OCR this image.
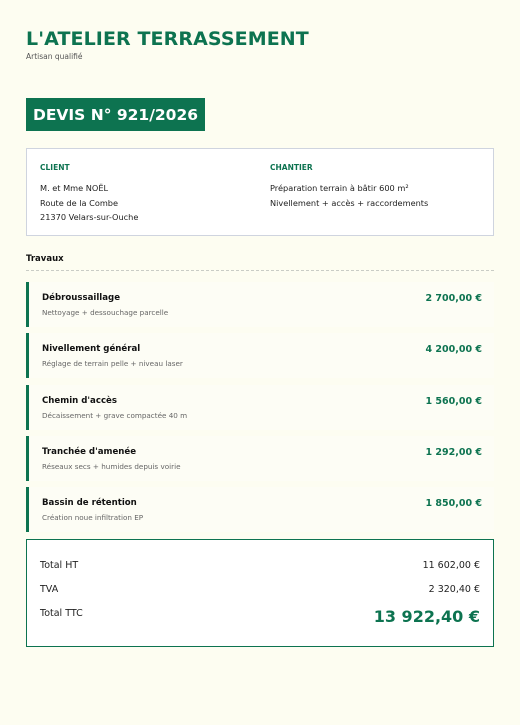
L'ATELIER TERRASSEMENT
Artisan qualifié
DEVIS N° 921/2026
CLIENT
M. et Mme NOËL
Route de la Combe
21370 Velars-sur-Ouche
CHANTIER
Préparation terrain à bâtir 600 m²
Nivellement + accès + raccordements
Travaux
Débroussaillage
Nettoyage + dessouchage parcelle
2 700,00 €
Nivellement général
Réglage de terrain pelle + niveau laser
4 200,00 €
Chemin d'accès
Décaissement + grave compactée 40 m
1 560,00 €
Tranchée d'amenée
Réseaux secs + humides depuis voirie
1 292,00 €
Bassin de rétention
Création noue infiltration EP
1 850,00 €
Total HT	11 602,00 €
TVA	2 320,40 €
Total TTC	13 922,40 €
